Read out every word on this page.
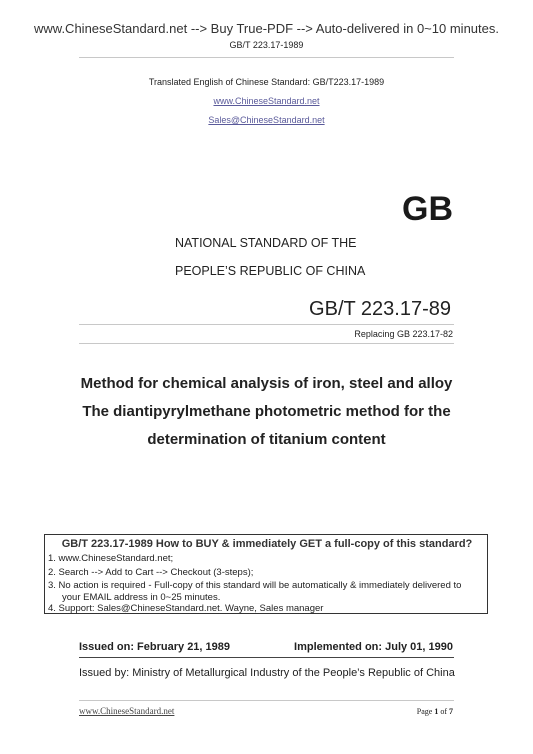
www.ChineseStandard.net --> Buy True-PDF --> Auto-delivered in 0~10 minutes.
GB/T 223.17-1989
Translated English of Chinese Standard: GB/T223.17-1989
www.ChineseStandard.net
Sales@ChineseStandard.net
GB
NATIONAL STANDARD OF THE
PEOPLE’S REPUBLIC OF CHINA
GB/T 223.17-89
Replacing GB 223.17-82
Method for chemical analysis of iron, steel and alloy
The diantipyrylmethane photometric method for the
determination of titanium content
GB/T 223.17-1989 How to BUY & immediately GET a full-copy of this standard?
1. www.ChineseStandard.net;
2. Search --> Add to Cart --> Checkout (3-steps);
3. No action is required - Full-copy of this standard will be automatically & immediately delivered to
your EMAIL address in 0~25 minutes.
4. Support: Sales@ChineseStandard.net. Wayne, Sales manager
Issued on: February 21, 1989	Implemented on: July 01, 1990
Issued by: Ministry of Metallurgical Industry of the People’s Republic of China
www.ChineseStandard.net	Page 1 of 7
